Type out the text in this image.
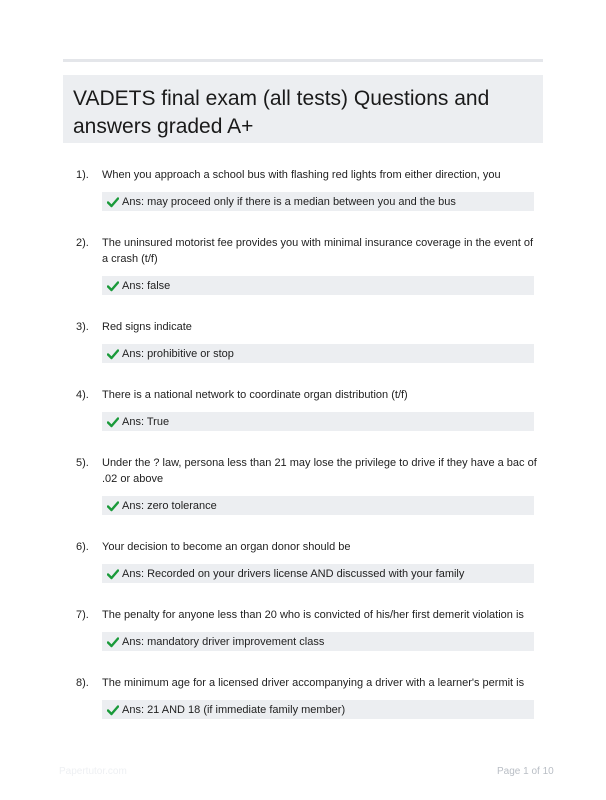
VADETS final exam (all tests) Questions and answers graded A+
1).	When you approach a school bus with flashing red lights from either direction, you
Ans: may proceed only if there is a median between you and the bus
2).	The uninsured motorist fee provides you with minimal insurance coverage in the event of a crash (t/f)
Ans: false
3).	Red signs indicate
Ans: prohibitive or stop
4).	There is a national network to coordinate organ distribution (t/f)
Ans: True
5).	Under the ? law, persona less than 21 may lose the privilege to drive if they have a bac of .02 or above
Ans: zero tolerance
6).	Your decision to become an organ donor should be
Ans: Recorded on your drivers license AND discussed with your family
7).	The penalty for anyone less than 20 who is convicted of his/her first demerit violation is
Ans: mandatory driver improvement class
8).	The minimum age for a licensed driver accompanying a driver with a learner's permit is
Ans: 21 AND 18 (if immediate family member)
Papertutor.com	Page 1 of 10
